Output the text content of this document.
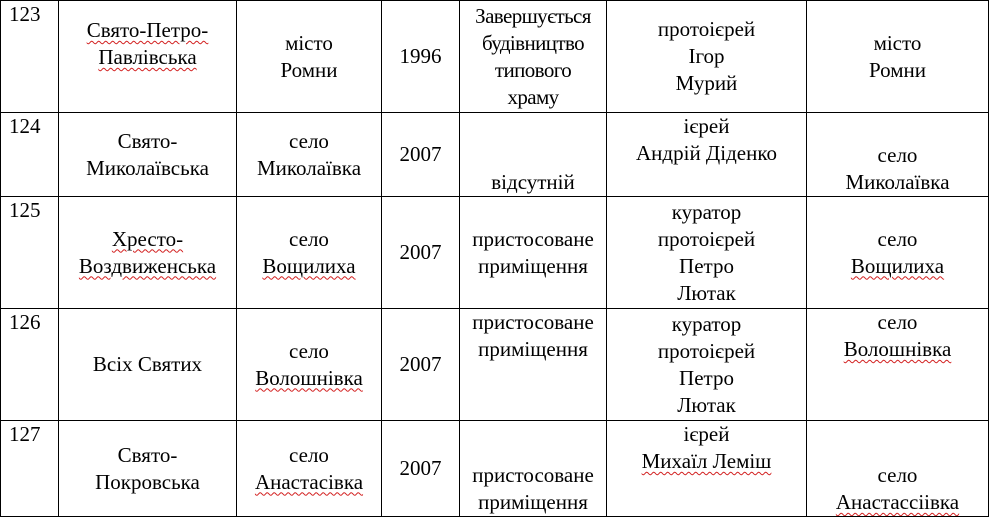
123	Свято-Петро-
Павлівська	місто
Ромни	1996	Завершується
будівництво
типового
храму	протоієрей
Ігор
Мурий	місто
Ромни

124	Свято-
Миколаївська	село
Миколаївка	2007	відсутній	ієрей
Андрій Діденко	село
Миколаївка

125	Хресто-
Воздвиженська	село
Вощилиха	2007	пристосоване
приміщення	куратор
протоієрей
Петро
Лютак	село
Вощилиха

126	Всіх Святих	село
Волошнівка	2007	пристосоване
приміщення	куратор
протоієрей
Петро
Лютак	село
Волошнівка

127	Свято-
Покровська	село
Анастасівка	2007	пристосоване
приміщення	ієрей
Михаїл Леміш	село
Анастассіівка
